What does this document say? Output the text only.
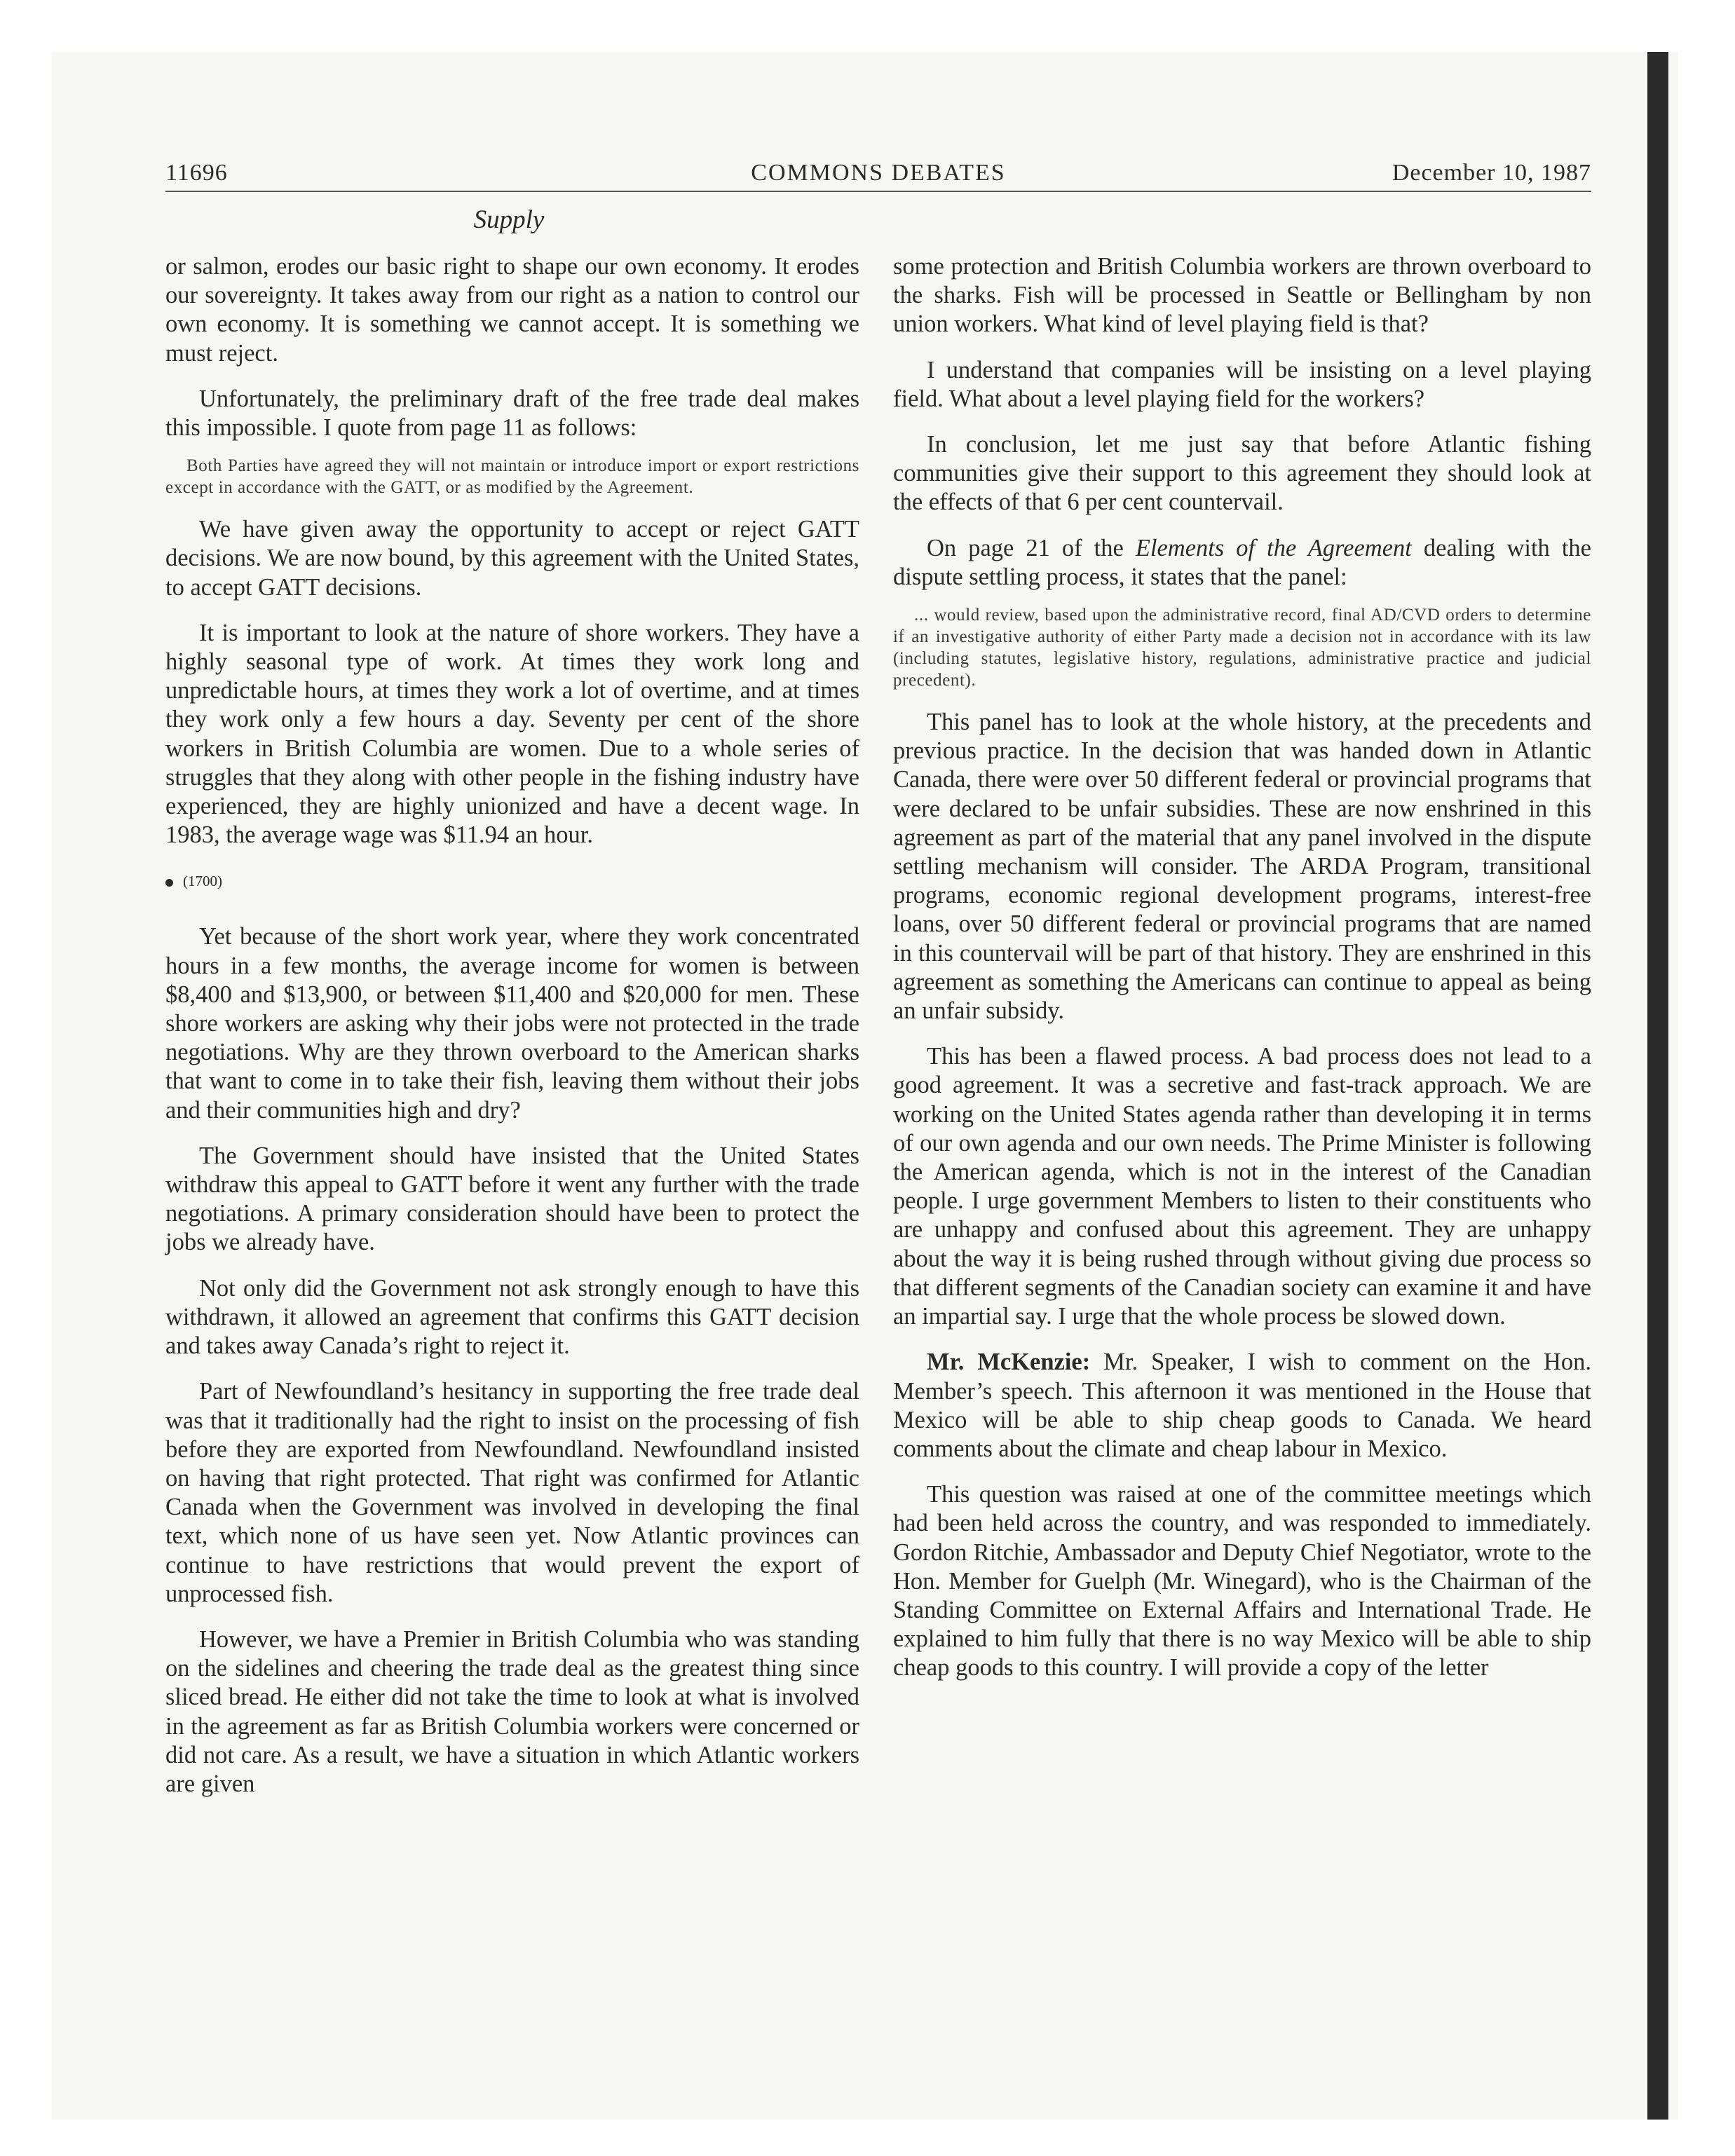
11696	COMMONS DEBATES	December 10, 1987
Supply

or salmon, erodes our basic right to shape our own economy. It erodes our sovereignty. It takes away from our right as a nation to control our own economy. It is something we cannot accept. It is something we must reject.

Unfortunately, the preliminary draft of the free trade deal makes this impossible. I quote from page 11 as follows:

Both Parties have agreed they will not maintain or introduce import or export restrictions except in accordance with the GATT, or as modified by the Agreement.

We have given away the opportunity to accept or reject GATT decisions. We are now bound, by this agreement with the United States, to accept GATT decisions.

It is important to look at the nature of shore workers. They have a highly seasonal type of work. At times they work long and unpredictable hours, at times they work a lot of overtime, and at times they work only a few hours a day. Seventy per cent of the shore workers in British Columbia are women. Due to a whole series of struggles that they along with other people in the fishing industry have experienced, they are highly unionized and have a decent wage. In 1983, the average wage was $11.94 an hour.

(1700)

Yet because of the short work year, where they work concentrated hours in a few months, the average income for women is between $8,400 and $13,900, or between $11,400 and $20,000 for men. These shore workers are asking why their jobs were not protected in the trade negotiations. Why are they thrown overboard to the American sharks that want to come in to take their fish, leaving them without their jobs and their communities high and dry?

The Government should have insisted that the United States withdraw this appeal to GATT before it went any further with the trade negotiations. A primary consideration should have been to protect the jobs we already have.

Not only did the Government not ask strongly enough to have this withdrawn, it allowed an agreement that confirms this GATT decision and takes away Canada’s right to reject it.

Part of Newfoundland’s hesitancy in supporting the free trade deal was that it traditionally had the right to insist on the processing of fish before they are exported from Newfoundland. Newfoundland insisted on having that right protected. That right was confirmed for Atlantic Canada when the Government was involved in developing the final text, which none of us have seen yet. Now Atlantic provinces can continue to have restrictions that would prevent the export of unprocessed fish.

However, we have a Premier in British Columbia who was standing on the sidelines and cheering the trade deal as the greatest thing since sliced bread. He either did not take the time to look at what is involved in the agreement as far as British Columbia workers were concerned or did not care. As a result, we have a situation in which Atlantic workers are given

some protection and British Columbia workers are thrown overboard to the sharks. Fish will be processed in Seattle or Bellingham by non union workers. What kind of level playing field is that?

I understand that companies will be insisting on a level playing field. What about a level playing field for the workers?

In conclusion, let me just say that before Atlantic fishing communities give their support to this agreement they should look at the effects of that 6 per cent countervail.

On page 21 of the Elements of the Agreement dealing with the dispute settling process, it states that the panel:

... would review, based upon the administrative record, final AD/CVD orders to determine if an investigative authority of either Party made a decision not in accordance with its law (including statutes, legislative history, regulations, administrative practice and judicial precedent).

This panel has to look at the whole history, at the precedents and previous practice. In the decision that was handed down in Atlantic Canada, there were over 50 different federal or provincial programs that were declared to be unfair subsidies. These are now enshrined in this agreement as part of the material that any panel involved in the dispute settling mechanism will consider. The ARDA Program, transitional programs, economic regional development programs, interest-free loans, over 50 different federal or provincial programs that are named in this countervail will be part of that history. They are enshrined in this agreement as something the Americans can continue to appeal as being an unfair subsidy.

This has been a flawed process. A bad process does not lead to a good agreement. It was a secretive and fast-track approach. We are working on the United States agenda rather than developing it in terms of our own agenda and our own needs. The Prime Minister is following the American agenda, which is not in the interest of the Canadian people. I urge government Members to listen to their constituents who are unhappy and confused about this agreement. They are unhappy about the way it is being rushed through without giving due process so that different segments of the Canadian society can examine it and have an impartial say. I urge that the whole process be slowed down.

Mr. McKenzie: Mr. Speaker, I wish to comment on the Hon. Member’s speech. This afternoon it was mentioned in the House that Mexico will be able to ship cheap goods to Canada. We heard comments about the climate and cheap labour in Mexico.

This question was raised at one of the committee meetings which had been held across the country, and was responded to immediately. Gordon Ritchie, Ambassador and Deputy Chief Negotiator, wrote to the Hon. Member for Guelph (Mr. Winegard), who is the Chairman of the Standing Committee on External Affairs and International Trade. He explained to him fully that there is no way Mexico will be able to ship cheap goods to this country. I will provide a copy of the letter
